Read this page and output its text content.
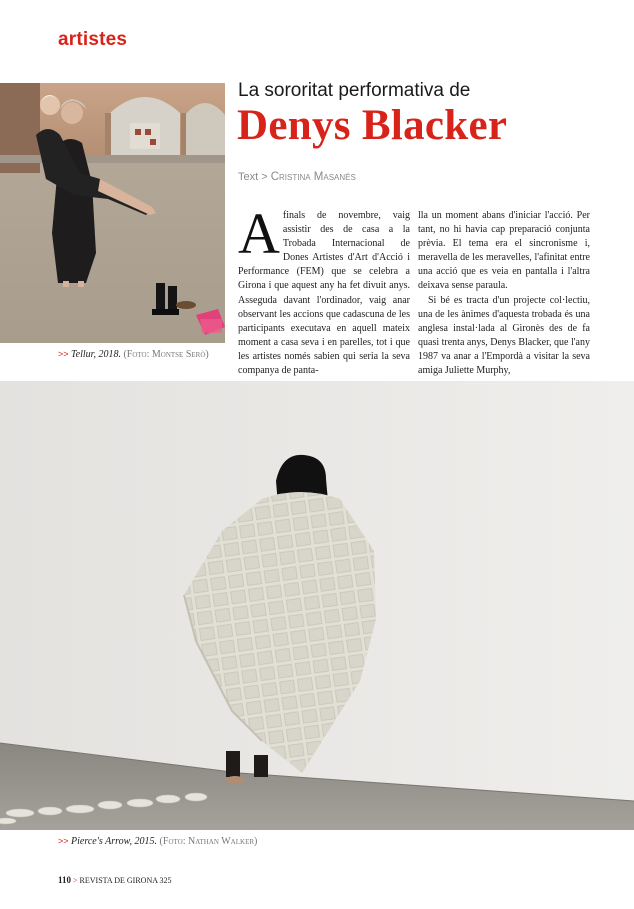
artistes
>> Tellur, 2018. (Foto: Montse Serò)
La sororitat performativa de
Denys Blacker
Text > Cristina Masanés

Afinals de novembre, vaig assistir des de casa a la Trobada Internacional de Dones Artistes d'Art d'Acció i Performance (FEM) que se celebra a Girona i que aquest any ha fet divuit anys. Asseguda davant l'ordinador, vaig anar observant les accions que cadascuna de les participants executava en aquell mateix moment a casa seva i en parelles, tot i que les artistes només sabien qui seria la seva companya de panta-

lla un moment abans d'iniciar l'acció. Per tant, no hi havia cap preparació conjunta prèvia. El tema era el sincronisme i, meravella de les meravelles, l'afinitat entre una acció que es veia en pantalla i l'altra deixava sense paraula.

Si bé es tracta d'un projecte col·lectiu, una de les ànimes d'aquesta trobada és una anglesa instal·lada al Gironès des de fa quasi trenta anys, Denys Blacker, que l'any 1987 va anar a l'Empordà a visitar la seva amiga Juliette Murphy,

>> Pierce's Arrow, 2015. (Foto: Nathan Walker)
110 > REVISTA DE GIRONA 325
